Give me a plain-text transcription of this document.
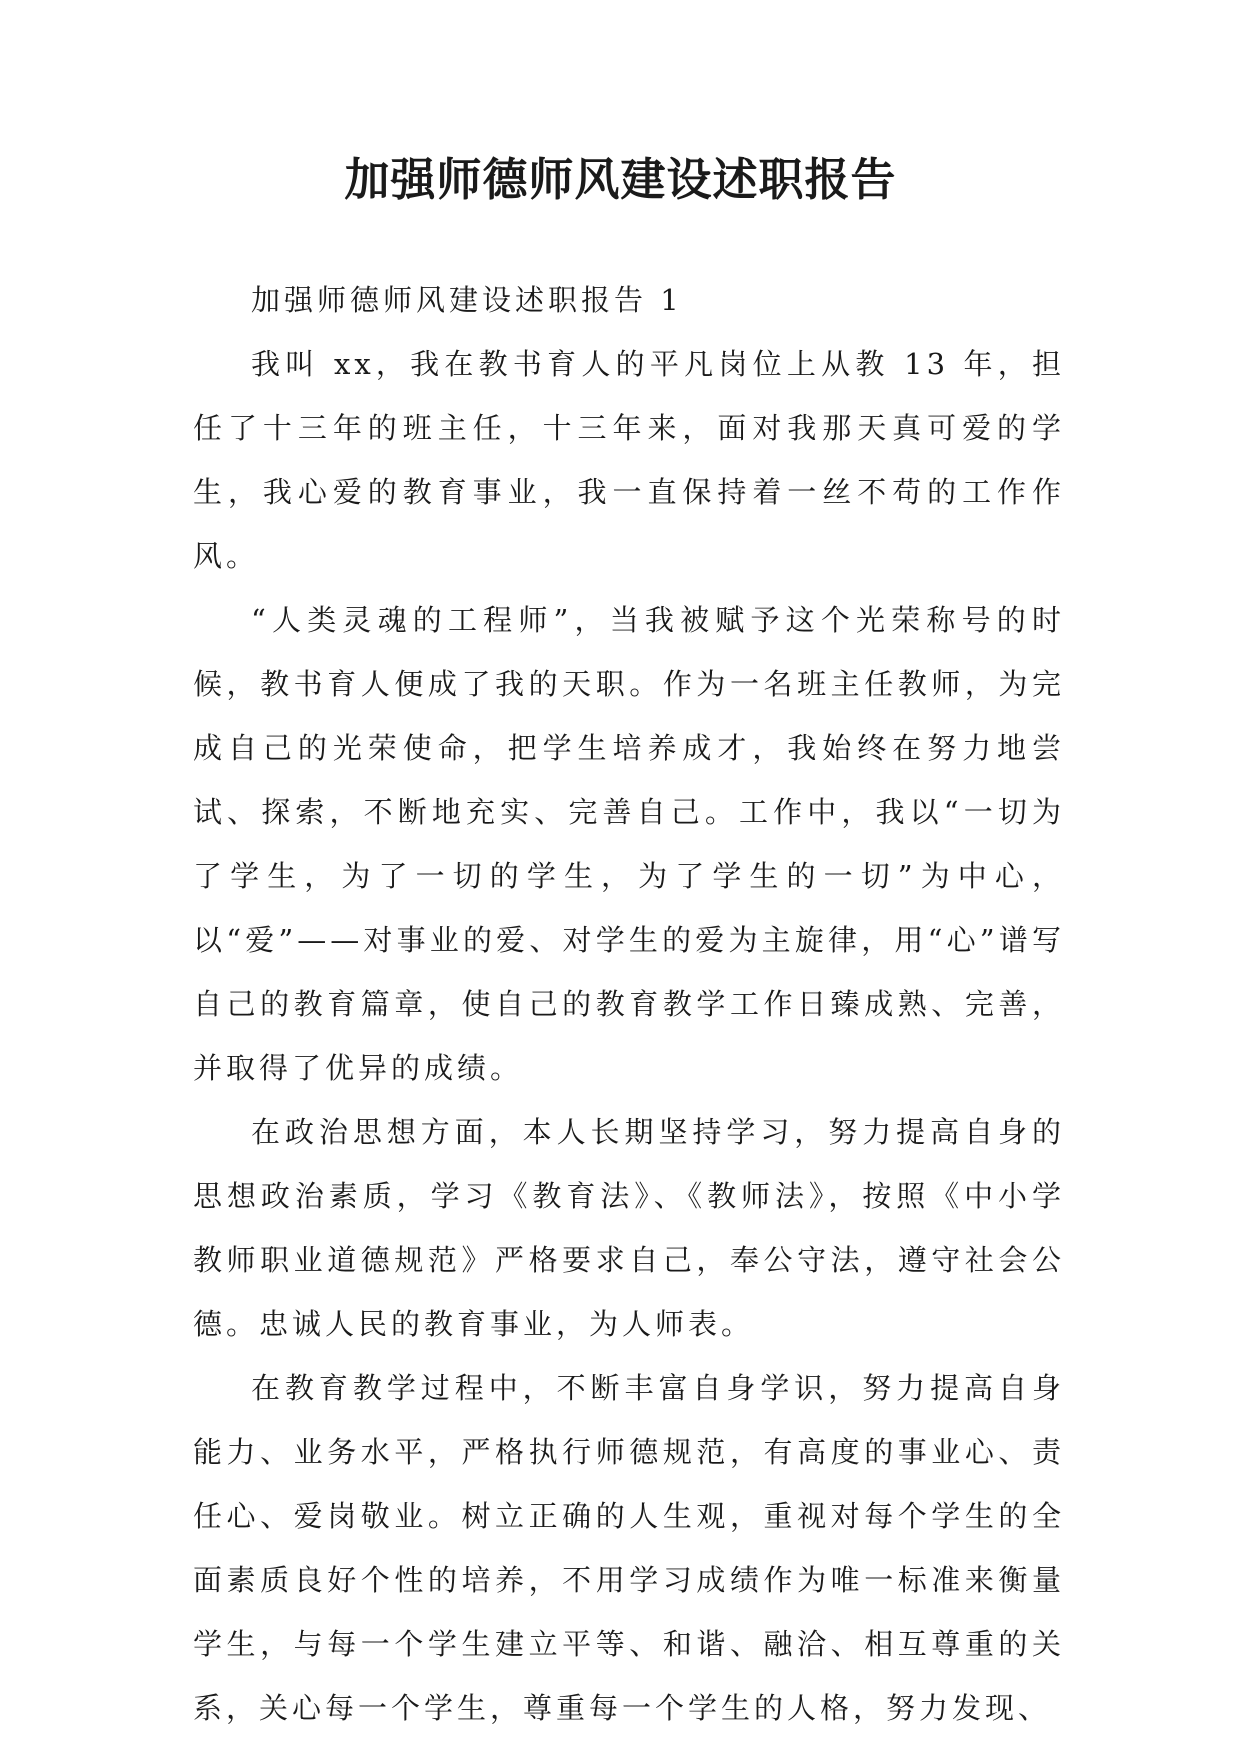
加强师德师风建设述职报告

加强师德师风建设述职报告 1

我叫 xx，我在教书育人的平凡岗位上从教 13 年，担任了十三年的班主任，十三年来，面对我那天真可爱的学生，我心爱的教育事业，我一直保持着一丝不苟的工作作风。

“人类灵魂的工程师”，当我被赋予这个光荣称号的时候，教书育人便成了我的天职。作为一名班主任教师，为完成自己的光荣使命，把学生培养成才，我始终在努力地尝试、探索，不断地充实、完善自己。工作中，我以“一切为了学生，为了一切的学生，为了学生的一切”为中心，以“爱”——对事业的爱、对学生的爱为主旋律，用“心”谱写自己的教育篇章，使自己的教育教学工作日臻成熟、完善，并取得了优异的成绩。

在政治思想方面，本人长期坚持学习，努力提高自身的思想政治素质，学习《教育法》、《教师法》，按照《中小学教师职业道德规范》严格要求自己，奉公守法，遵守社会公德。忠诚人民的教育事业，为人师表。

在教育教学过程中，不断丰富自身学识，努力提高自身能力、业务水平，严格执行师德规范，有高度的事业心、责任心、爱岗敬业。树立正确的人生观，重视对每个学生的全面素质良好个性的培养，不用学习成绩作为唯一标准来衡量学生，与每一个学生建立平等、和谐、融洽、相互尊重的关系，关心每一个学生，尊重每一个学生的人格，努力发现、
